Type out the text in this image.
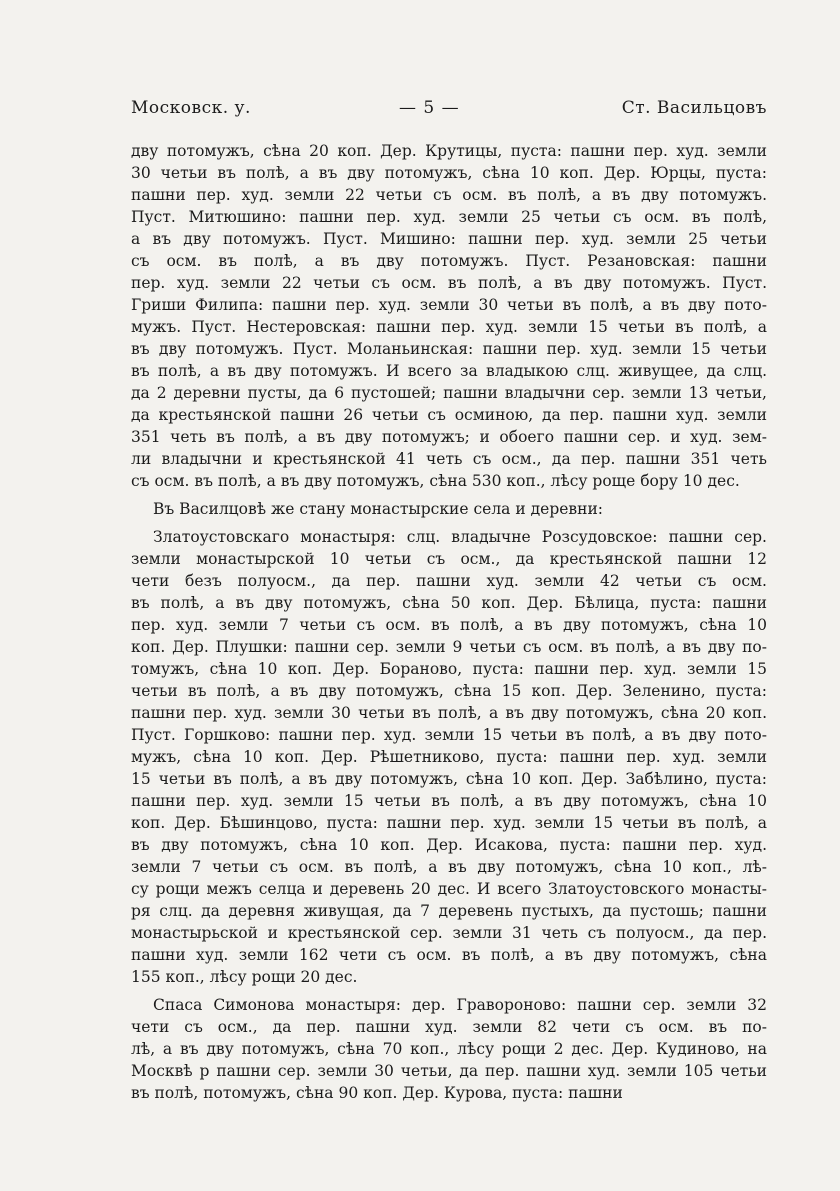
Московск. у.	— 5 —	Ст. Васильцовъ
дву потомужъ, сѣна 20 коп. Дер. Крутицы, пуста: пашни пер. худ. земли
30 четьи въ полѣ, а въ дву потомужъ, сѣна 10 коп. Дер. Юрцы, пуста:
пашни пер. худ. земли 22 четьи съ осм. въ полѣ, а въ дву потомужъ.
Пуст. Митюшино: пашни пер. худ. земли 25 четьи съ осм. въ полѣ,
а въ дву потомужъ. Пуст. Мишино: пашни пер. худ. земли 25 четьи
съ осм. въ полѣ, а въ дву потомужъ. Пуст. Резановская: пашни
пер. худ. земли 22 четьи съ осм. въ полѣ, а въ дву потомужъ. Пуст.
Гриши Филипа: пашни пер. худ. земли 30 четьи въ полѣ, а въ дву пото-
мужъ. Пуст. Нестеровская: пашни пер. худ. земли 15 четьи въ полѣ, а
въ дву потомужъ. Пуст. Моланьинская: пашни пер. худ. земли 15 четьи
въ полѣ, а въ дву потомужъ. И всего за владыкою слц. живущее, да слц.
да 2 деревни пусты, да 6 пустошей; пашни владычни сер. земли 13 четьи,
да крестьянской пашни 26 четьи съ осминою, да пер. пашни худ. земли
351 четь въ полѣ, а въ дву потомужъ; и обоего пашни сер. и худ. зем-
ли владычни и крестьянской 41 четь съ осм., да пер. пашни 351 четь
съ осм. въ полѣ, а въ дву потомужъ, сѣна 530 коп., лѣсу роще бору 10 дес.
Въ Василцовѣ же стану монастырские села и деревни:
Златоустовскаго монастыря: слц. владычне Розсудовское: пашни сер.
земли монастырской 10 четьи съ осм., да крестьянской пашни 12
чети безъ полуосм., да пер. пашни худ. земли 42 четьи съ осм.
въ полѣ, а въ дву потомужъ, сѣна 50 коп. Дер. Бѣлица, пуста: пашни
пер. худ. земли 7 четьи съ осм. въ полѣ, а въ дву потомужъ, сѣна 10
коп. Дер. Плушки: пашни сер. земли 9 четьи съ осм. въ полѣ, а въ дву по-
томужъ, сѣна 10 коп. Дер. Бораново, пуста: пашни пер. худ. земли 15
четьи въ полѣ, а въ дву потомужъ, сѣна 15 коп. Дер. Зеленино, пуста:
пашни пер. худ. земли 30 четьи въ полѣ, а въ дву потомужъ, сѣна 20 коп.
Пуст. Горшково: пашни пер. худ. земли 15 четьи въ полѣ, а въ дву пото-
мужъ, сѣна 10 коп. Дер. Рѣшетниково, пуста: пашни пер. худ. земли
15 четьи въ полѣ, а въ дву потомужъ, сѣна 10 коп. Дер. Забѣлино, пуста:
пашни пер. худ. земли 15 четьи въ полѣ, а въ дву потомужъ, сѣна 10
коп. Дер. Бѣшинцово, пуста: пашни пер. худ. земли 15 четьи въ полѣ, а
въ дву потомужъ, сѣна 10 коп. Дер. Исакова, пуста: пашни пер. худ.
земли 7 четьи съ осм. въ полѣ, а въ дву потомужъ, сѣна 10 коп., лѣ-
су рощи межъ селца и деревень 20 дес. И всего Златоустовского монасты-
ря слц. да деревня живущая, да 7 деревень пустыхъ, да пустошь; пашни
монастырьской и крестьянской сер. земли 31 четь съ полуосм., да пер.
пашни худ. земли 162 чети съ осм. въ полѣ, а въ дву потомужъ, сѣна
155 коп., лѣсу рощи 20 дес.
Спаса Симонова монастыря: дер. Гравороново: пашни сер. земли 32
чети съ осм., да пер. пашни худ. земли 82 чети съ осм. въ по-
лѣ, а въ дву потомужъ, сѣна 70 коп., лѣсу рощи 2 дес. Дер. Кудиново, на
Москвѣ р пашни сер. земли 30 четьи, да пер. пашни худ. земли 105 четьи
въ полѣ, потомужъ, сѣна 90 коп. Дер. Курова, пуста: пашни
